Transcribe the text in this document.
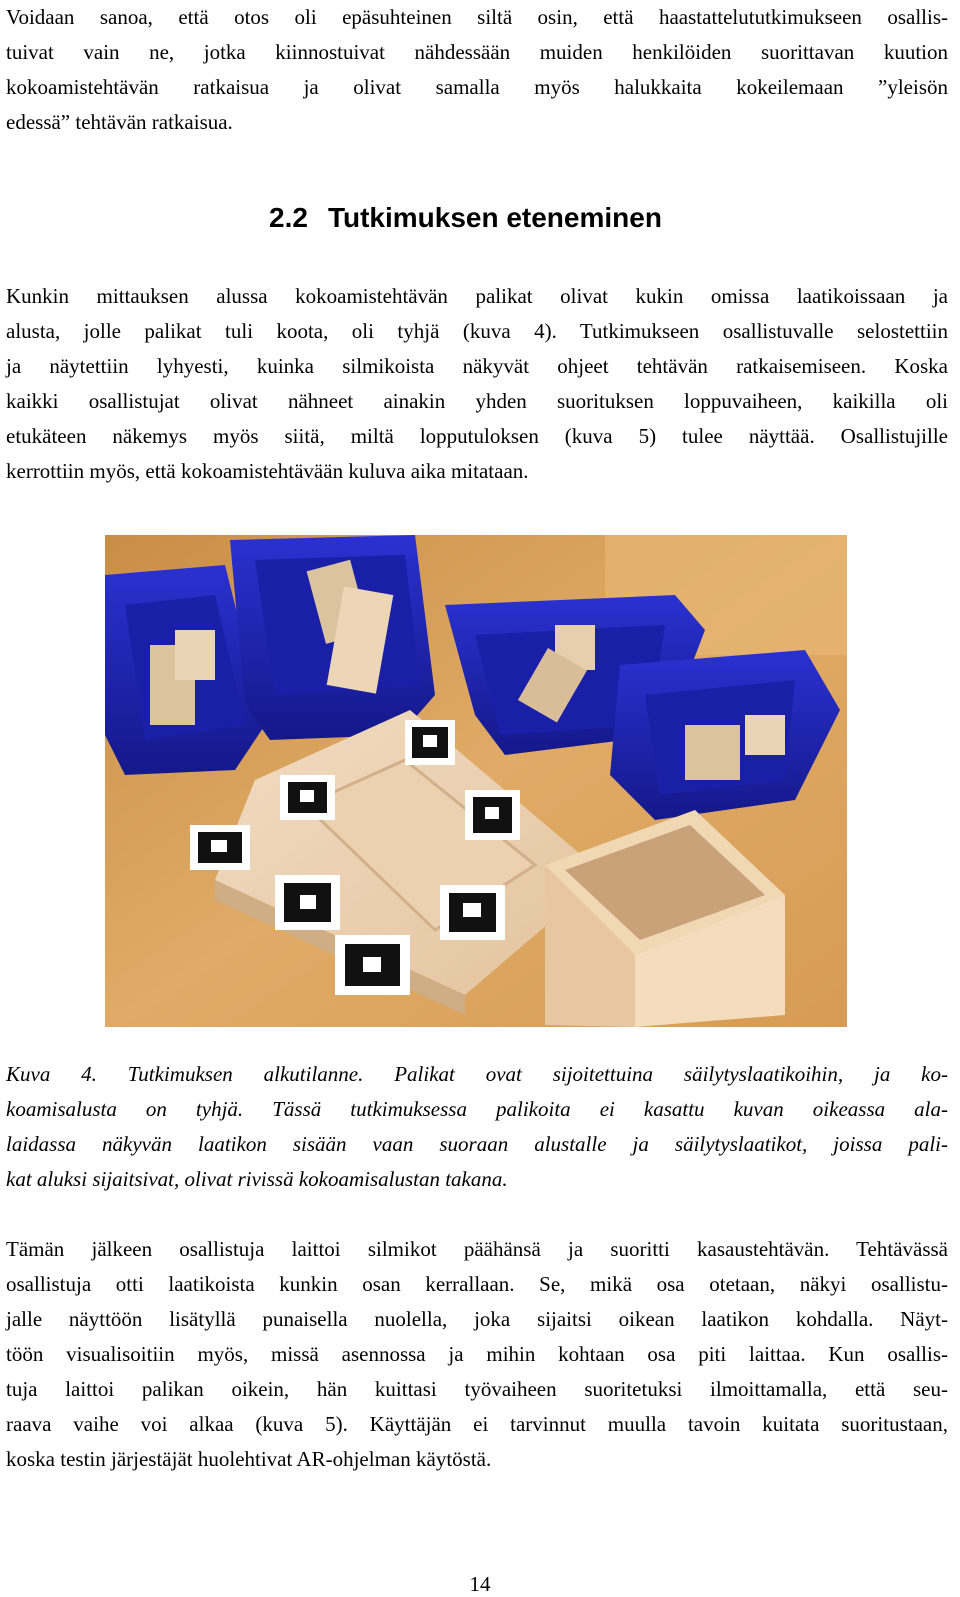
Voidaan sanoa, että otos oli epäsuhteinen siltä osin, että haastattelututkimukseen osallis-
tuivat vain ne, jotka kiinnostuivat nähdessään muiden henkilöiden suorittavan kuution
kokoamistehtävän ratkaisua ja olivat samalla myös halukkaita kokeilemaan ”yleisön
edessä” tehtävän ratkaisua.
2.2 Tutkimuksen eteneminen
Kunkin mittauksen alussa kokoamistehtävän palikat olivat kukin omissa laatikoissaan ja
alusta, jolle palikat tuli koota, oli tyhjä (kuva 4). Tutkimukseen osallistuvalle selostettiin
ja näytettiin lyhyesti, kuinka silmikoista näkyvät ohjeet tehtävän ratkaisemiseen. Koska
kaikki osallistujat olivat nähneet ainakin yhden suorituksen loppuvaiheen, kaikilla oli
etukäteen näkemys myös siitä, miltä lopputuloksen (kuva 5) tulee näyttää. Osallistujille
kerrottiin myös, että kokoamistehtävään kuluva aika mitataan.
Kuva 4. Tutkimuksen alkutilanne. Palikat ovat sijoitettuina säilytyslaatikoihin, ja ko-
koamisalusta on tyhjä. Tässä tutkimuksessa palikoita ei kasattu kuvan oikeassa ala-
laidassa näkyvän laatikon sisään vaan suoraan alustalle ja säilytyslaatikot, joissa pali-
kat aluksi sijaitsivat, olivat rivissä kokoamisalustan takana.
Tämän jälkeen osallistuja laittoi silmikot päähänsä ja suoritti kasaustehtävän. Tehtävässä
osallistuja otti laatikoista kunkin osan kerrallaan. Se, mikä osa otetaan, näkyi osallistu-
jalle näyttöön lisätyllä punaisella nuolella, joka sijaitsi oikean laatikon kohdalla. Näyt-
töön visualisoitiin myös, missä asennossa ja mihin kohtaan osa piti laittaa. Kun osallis-
tuja laittoi palikan oikein, hän kuittasi työvaiheen suoritetuksi ilmoittamalla, että seu-
raava vaihe voi alkaa (kuva 5). Käyttäjän ei tarvinnut muulla tavoin kuitata suoritustaan,
koska testin järjestäjät huolehtivat AR-ohjelman käytöstä.
14
